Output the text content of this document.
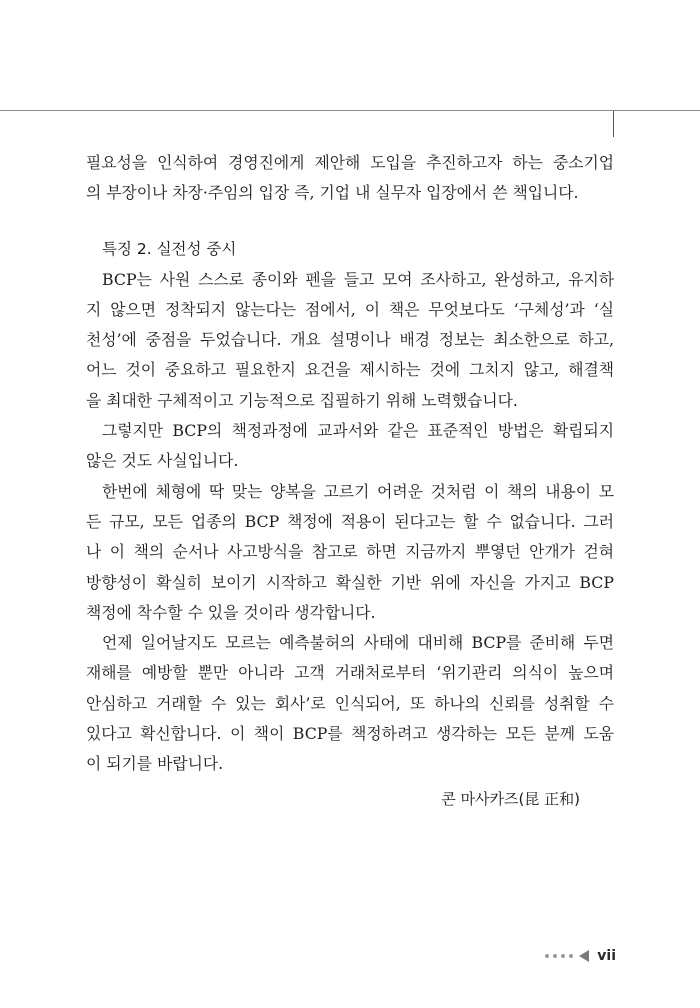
필요성을 인식하여 경영진에게 제안해 도입을 추진하고자 하는 중소기업
의 부장이나 차장·주임의 입장 즉, 기업 내 실무자 입장에서 쓴 책입니다.
특징 2. 실전성 중시
BCP는 사원 스스로 종이와 펜을 들고 모여 조사하고, 완성하고, 유지하
지 않으면 정착되지 않는다는 점에서, 이 책은 무엇보다도 ‘구체성’과 ‘실
천성’에 중점을 두었습니다. 개요 설명이나 배경 정보는 최소한으로 하고,
어느 것이 중요하고 필요한지 요건을 제시하는 것에 그치지 않고, 해결책
을 최대한 구체적이고 기능적으로 집필하기 위해 노력했습니다.
그렇지만 BCP의 책정과정에 교과서와 같은 표준적인 방법은 확립되지
않은 것도 사실입니다.
한번에 체형에 딱 맞는 양복을 고르기 어려운 것처럼 이 책의 내용이 모
든 규모, 모든 업종의 BCP 책정에 적용이 된다고는 할 수 없습니다. 그러
나 이 책의 순서나 사고방식을 참고로 하면 지금까지 뿌옇던 안개가 걷혀
방향성이 확실히 보이기 시작하고 확실한 기반 위에 자신을 가지고 BCP
책정에 착수할 수 있을 것이라 생각합니다.
언제 일어날지도 모르는 예측불허의 사태에 대비해 BCP를 준비해 두면
재해를 예방할 뿐만 아니라 고객 거래처로부터 ‘위기관리 의식이 높으며
안심하고 거래할 수 있는 회사’로 인식되어, 또 하나의 신뢰를 성취할 수
있다고 확신합니다. 이 책이 BCP를 책정하려고 생각하는 모든 분께 도움
이 되기를 바랍니다.
콘 마사카즈(昆 正和)
vii
